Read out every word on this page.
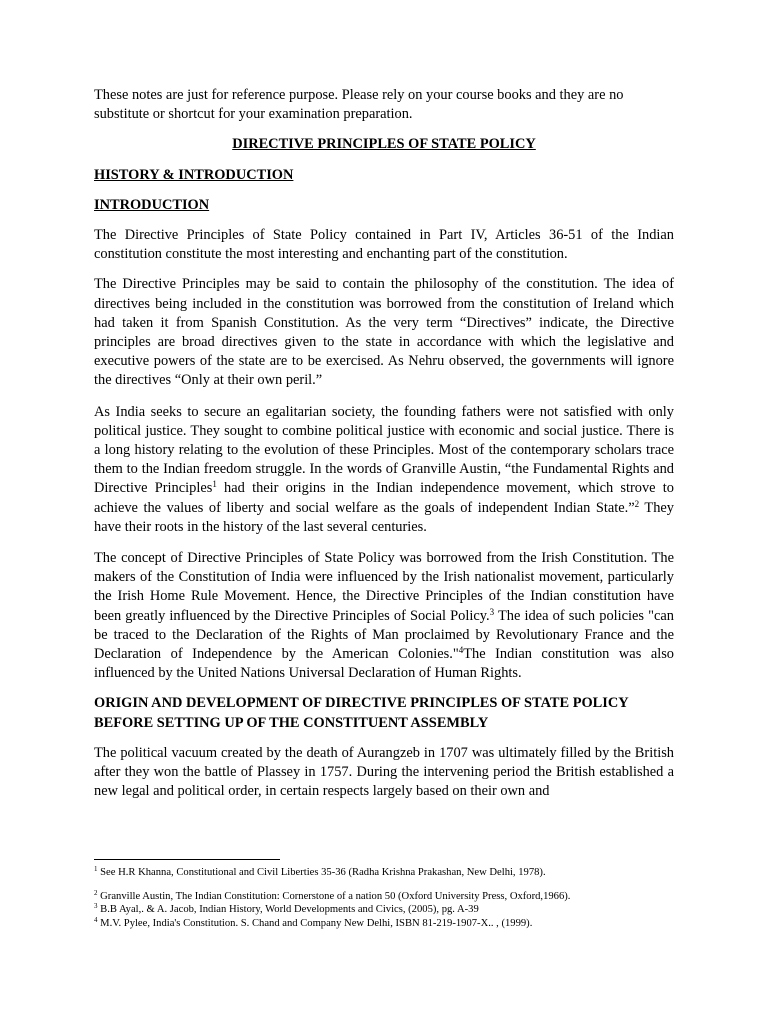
These notes are just for reference purpose. Please rely on your course books and they are no substitute or shortcut for your examination preparation.

DIRECTIVE PRINCIPLES OF STATE POLICY

HISTORY & INTRODUCTION

INTRODUCTION

The Directive Principles of State Policy contained in Part IV, Articles 36-51 of the Indian constitution constitute the most interesting and enchanting part of the constitution.

The Directive Principles may be said to contain the philosophy of the constitution. The idea of directives being included in the constitution was borrowed from the constitution of Ireland which had taken it from Spanish Constitution. As the very term “Directives” indicate, the Directive principles are broad directives given to the state in accordance with which the legislative and executive powers of the state are to be exercised. As Nehru observed, the governments will ignore the directives “Only at their own peril.”

As India seeks to secure an egalitarian society, the founding fathers were not satisfied with only political justice. They sought to combine political justice with economic and social justice. There is a long history relating to the evolution of these Principles. Most of the contemporary scholars trace them to the Indian freedom struggle. In the words of Granville Austin, “the Fundamental Rights and Directive Principles$^1$ had their origins in the Indian independence movement, which strove to achieve the values of liberty and social welfare as the goals of independent Indian State.”$^2$ They have their roots in the history of the last several centuries.

The concept of Directive Principles of State Policy was borrowed from the Irish Constitution. The makers of the Constitution of India were influenced by the Irish nationalist movement, particularly the Irish Home Rule Movement. Hence, the Directive Principles of the Indian constitution have been greatly influenced by the Directive Principles of Social Policy.$^3$ The idea of such policies "can be traced to the Declaration of the Rights of Man proclaimed by Revolutionary France and the Declaration of Independence by the American Colonies."$^4$The Indian constitution was also influenced by the United Nations Universal Declaration of Human Rights.

ORIGIN AND DEVELOPMENT OF DIRECTIVE PRINCIPLES OF STATE POLICY BEFORE SETTING UP OF THE CONSTITUENT ASSEMBLY

The political vacuum created by the death of Aurangzeb in 1707 was ultimately filled by the British after they won the battle of Plassey in 1757. During the intervening period the British established a new legal and political order, in certain respects largely based on their own and

$^1$ See H.R Khanna, Constitutional and Civil Liberties 35-36 (Radha Krishna Prakashan, New Delhi, 1978).

$^2$ Granville Austin, The Indian Constitution: Cornerstone of a nation 50 (Oxford University Press, Oxford,1966).

$^3$ B.B Ayal,. & A. Jacob, Indian History, World Developments and Civics, (2005), pg. A-39

$^4$ M.V. Pylee, India's Constitution. S. Chand and Company New Delhi, ISBN 81-219-1907-X.. , (1999).
